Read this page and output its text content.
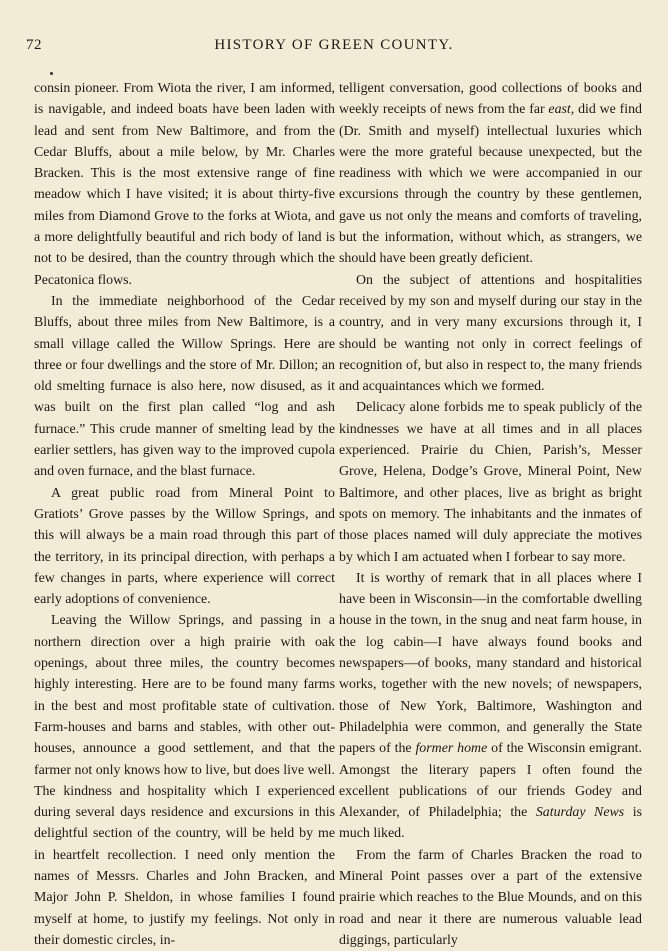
72	HISTORY OF GREEN COUNTY.

consin pioneer. From Wiota the river, I am informed, is navigable, and indeed boats have been laden with lead and sent from New Baltimore, and from the Cedar Bluffs, about a mile below, by Mr. Charles Bracken. This is the most extensive range of fine meadow which I have visited; it is about thirty-five miles from Diamond Grove to the forks at Wiota, and a more delightfully beautiful and rich body of land is not to be desired, than the country through which the Pecatonica flows.

In the immediate neighborhood of the Cedar Bluffs, about three miles from New Baltimore, is a small village called the Willow Springs. Here are three or four dwellings and the store of Mr. Dillon; an old smelting furnace is also here, now disused, as it was built on the first plan called “log and ash furnace.” This crude manner of smelting lead by the earlier settlers, has given way to the improved cupola and oven furnace, and the blast furnace.

A great public road from Mineral Point to Gratiots’ Grove passes by the Willow Springs, and this will always be a main road through this part of the territory, in its principal direction, with perhaps a few changes in parts, where experience will correct early adoptions of convenience.

Leaving the Willow Springs, and passing in a northern direction over a high prairie with oak openings, about three miles, the country becomes highly interesting. Here are to be found many farms in the best and most profitable state of cultivation. Farm-houses and barns and stables, with other out-houses, announce a good settlement, and that the farmer not only knows how to live, but does live well. The kindness and hospitality which I experienced during several days residence and excursions in this delightful section of the country, will be held by me in heartfelt recollection. I need only mention the names of Messrs. Charles and John Bracken, and Major John P. Sheldon, in whose families I found myself at home, to justify my feelings. Not only in their domestic circles, in-

telligent conversation, good collections of books and weekly receipts of news from the far east, did we find (Dr. Smith and myself) intellectual luxuries which were the more grateful because unexpected, but the readiness with which we were accompanied in our excursions through the country by these gentlemen, gave us not only the means and comforts of traveling, but the information, without which, as strangers, we should have been greatly deficient.

On the subject of attentions and hospitalities received by my son and myself during our stay in the country, and in very many excursions through it, I should be wanting not only in correct feelings of recognition of, but also in respect to, the many friends and acquaintances which we formed.

Delicacy alone forbids me to speak publicly of the kindnesses we have at all times and in all places experienced. Prairie du Chien, Parish’s, Messer Grove, Helena, Dodge’s Grove, Mineral Point, New Baltimore, and other places, live as bright as bright spots on memory. The inhabitants and the inmates of those places named will duly appreciate the motives by which I am actuated when I forbear to say more.

It is worthy of remark that in all places where I have been in Wisconsin—in the comfortable dwelling house in the town, in the snug and neat farm house, in the log cabin—I have always found books and newspapers—of books, many standard and historical works, together with the new novels; of newspapers, those of New York, Baltimore, Washington and Philadelphia were common, and generally the State papers of the former home of the Wisconsin emigrant. Amongst the literary papers I often found the excellent publications of our friends Godey and Alexander, of Philadelphia; the Saturday News is much liked.

From the farm of Charles Bracken the road to Mineral Point passes over a part of the extensive prairie which reaches to the Blue Mounds, and on this road and near it there are numerous valuable lead diggings, particularly
